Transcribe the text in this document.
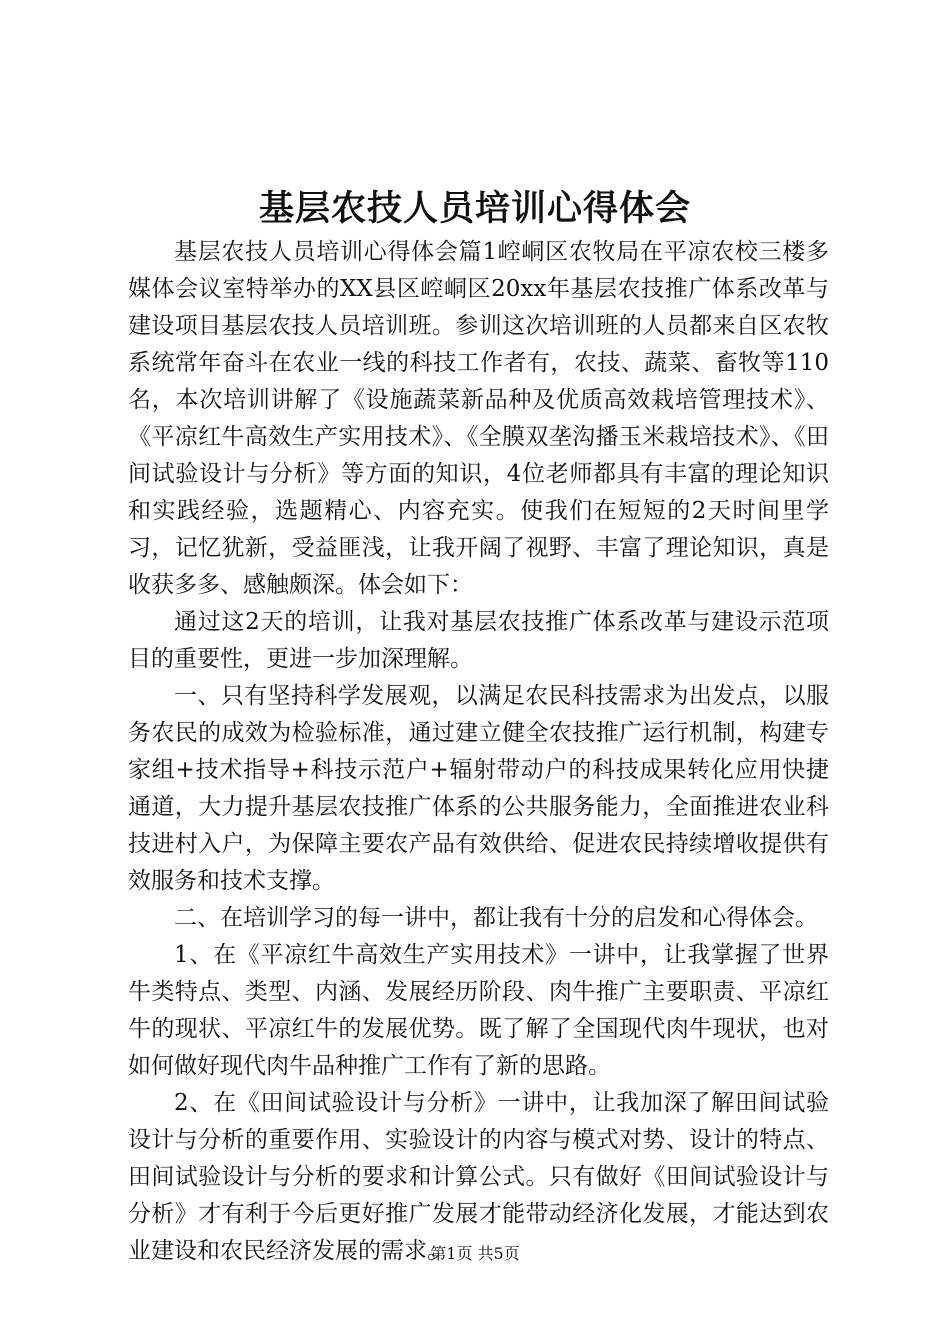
基层农技人员培训心得体会

基层农技人员培训心得体会篇1崆峒区农牧局在平凉农校三楼多媒体会议室特举办的XX县区崆峒区20xx年基层农技推广体系改革与建设项目基层农技人员培训班。参训这次培训班的人员都来自区农牧系统常年奋斗在农业一线的科技工作者有，农技、蔬菜、畜牧等110名，本次培训讲解了《设施蔬菜新品种及优质高效栽培管理技术》、《平凉红牛高效生产实用技术》、《全膜双垄沟播玉米栽培技术》、《田间试验设计与分析》等方面的知识，4位老师都具有丰富的理论知识和实践经验，选题精心、内容充实。使我们在短短的2天时间里学习，记忆犹新，受益匪浅，让我开阔了视野、丰富了理论知识，真是收获多多、感触颇深。体会如下：

通过这2天的培训，让我对基层农技推广体系改革与建设示范项目的重要性，更进一步加深理解。

一、只有坚持科学发展观，以满足农民科技需求为出发点，以服务农民的成效为检验标准，通过建立健全农技推广运行机制，构建专家组+技术指导+科技示范户+辐射带动户的科技成果转化应用快捷通道，大力提升基层农技推广体系的公共服务能力，全面推进农业科技进村入户，为保障主要农产品有效供给、促进农民持续增收提供有效服务和技术支撑。

二、在培训学习的每一讲中，都让我有十分的启发和心得体会。

1、在《平凉红牛高效生产实用技术》一讲中，让我掌握了世界牛类特点、类型、内涵、发展经历阶段、肉牛推广主要职责、平凉红牛的现状、平凉红牛的发展优势。既了解了全国现代肉牛现状，也对如何做好现代肉牛品种推广工作有了新的思路。

2、在《田间试验设计与分析》一讲中，让我加深了解田间试验设计与分析的重要作用、实验设计的内容与模式对势、设计的特点、田间试验设计与分析的要求和计算公式。只有做好《田间试验设计与分析》才有利于今后更好推广发展才能带动经济化发展，才能达到农业建设和农民经济发展的需求。

第1页 共5页
